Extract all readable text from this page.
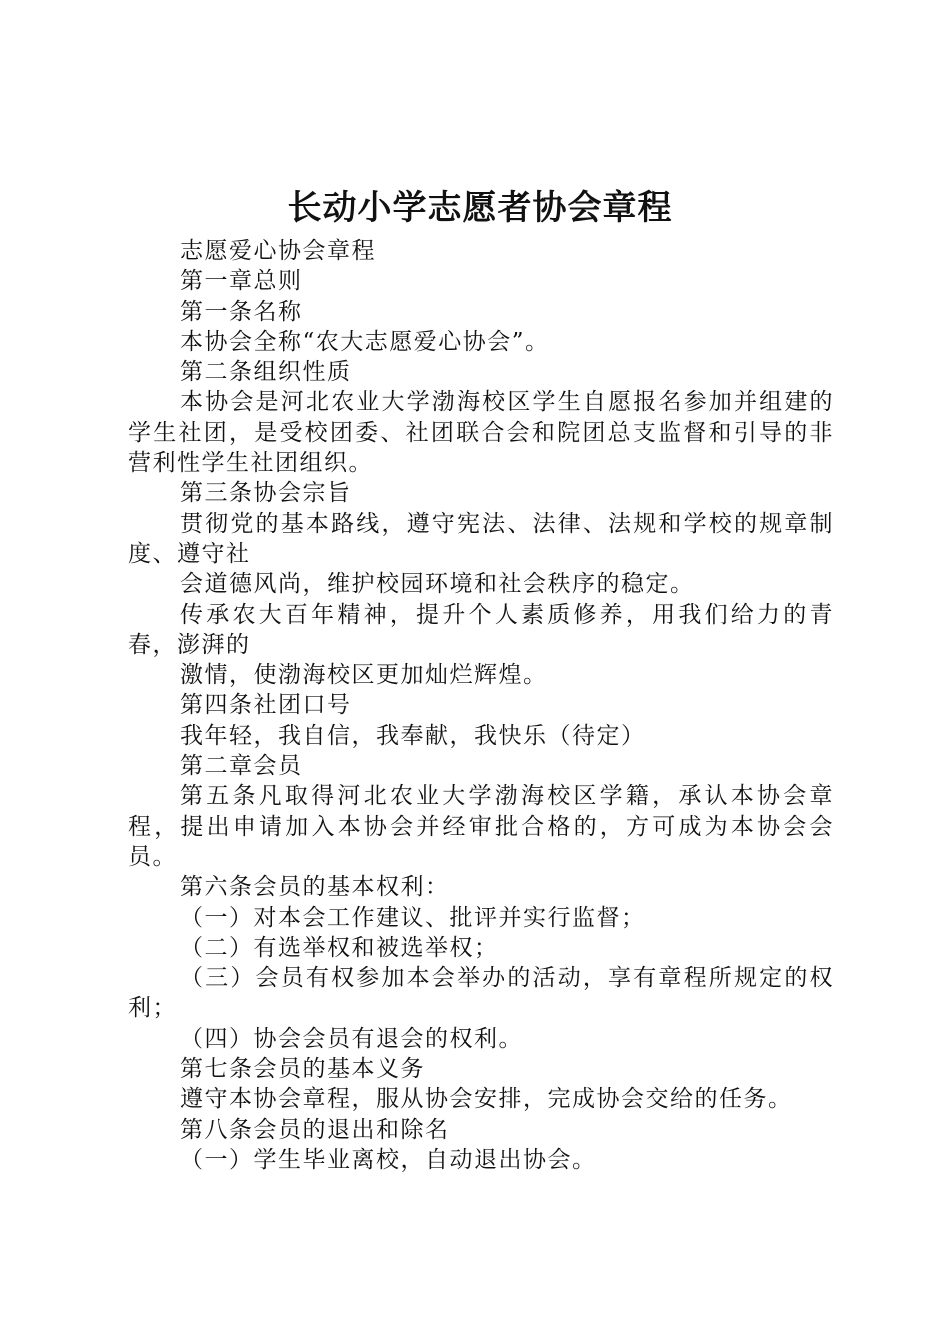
长动小学志愿者协会章程

志愿爱心协会章程

第一章总则

第一条名称

本协会全称“农大志愿爱心协会”。

第二条组织性质

本协会是河北农业大学渤海校区学生自愿报名参加并组建的学生社团，是受校团委、社团联合会和院团总支监督和引导的非营利性学生社团组织。

第三条协会宗旨

贯彻党的基本路线，遵守宪法、法律、法规和学校的规章制度、遵守社

会道德风尚，维护校园环境和社会秩序的稳定。

传承农大百年精神，提升个人素质修养，用我们给力的青春，澎湃的

激情，使渤海校区更加灿烂辉煌。

第四条社团口号

我年轻，我自信，我奉献，我快乐（待定）

第二章会员

第五条凡取得河北农业大学渤海校区学籍，承认本协会章程，提出申请加入本协会并经审批合格的，方可成为本协会会员。

第六条会员的基本权利：

（一）对本会工作建议、批评并实行监督；

（二）有选举权和被选举权；

（三）会员有权参加本会举办的活动，享有章程所规定的权利；

（四）协会会员有退会的权利。

第七条会员的基本义务

遵守本协会章程，服从协会安排，完成协会交给的任务。

第八条会员的退出和除名

（一）学生毕业离校，自动退出协会。
